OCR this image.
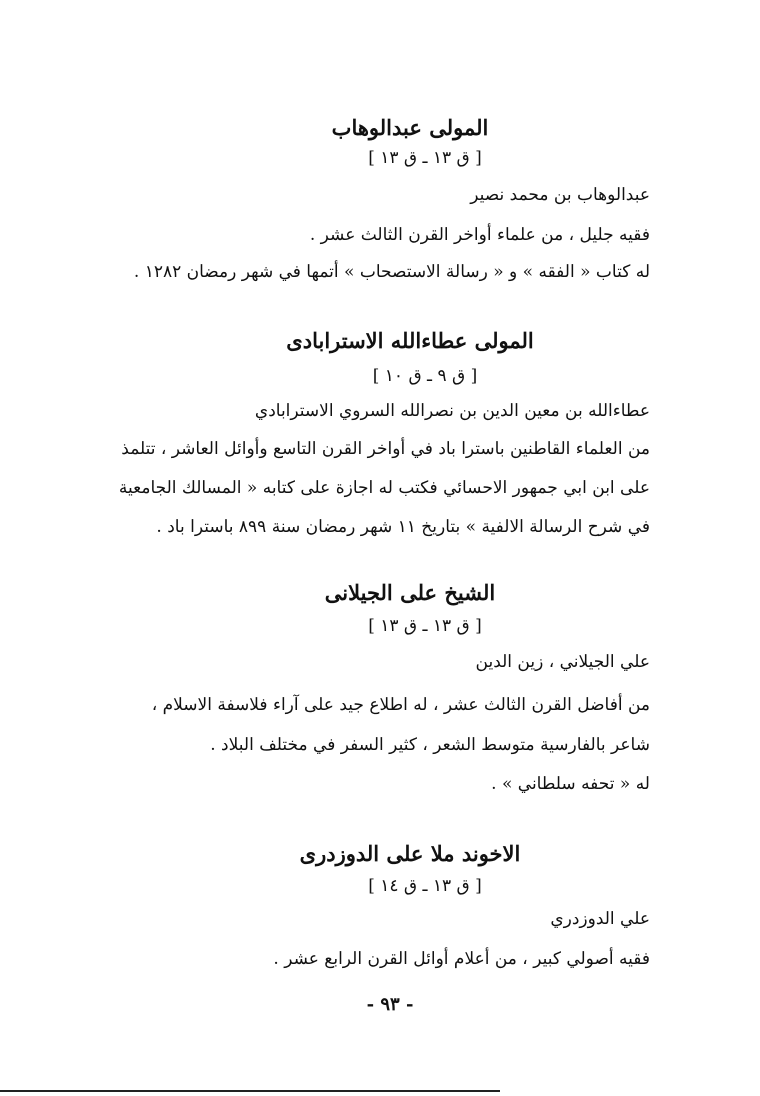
المولی عبدالوهاب
[ ق ١٣ ـ ق ١٣ ]
عبدالوهاب بن محمد نصير
فقيه جليل ، من علماء أواخر القرن الثالث عشر .
له كتاب « الفقه » و « رسالة الاستصحاب » أتمها في شهر رمضان ١٢٨٢ .
المولی عطاءالله الاسترابادی
[ ق ٩ ـ ق ١٠ ]
عطاءالله بن معين الدين بن نصرالله السروي الاسترابادي
من العلماء القاطنين باسترا باد في أواخر القرن التاسع وأوائل العاشر ، تتلمذ
على ابن ابي جمهور الاحسائي فكتب له اجازة على كتابه « المسالك الجامعية
في شرح الرسالة الالفية » بتاريخ ١١ شهر رمضان سنة ٨٩٩ باسترا باد .
الشيخ على الجيلانی
[ ق ١٣ ـ ق ١٣ ]
علي الجيلاني ، زين الدين
من أفاضل القرن الثالث عشر ، له اطلاع جيد على آراء فلاسفة الاسلام ،
شاعر بالفارسية متوسط الشعر ، كثير السفر في مختلف البلاد .
له « تحفه سلطاني » .
الاخوند ملا على الدوزدری
[ ق ١٣ ـ ق ١٤ ]
علي الدوزدري
فقيه أصولي كبير ، من أعلام أوائل القرن الرابع عشر .
- ٩٣ -
